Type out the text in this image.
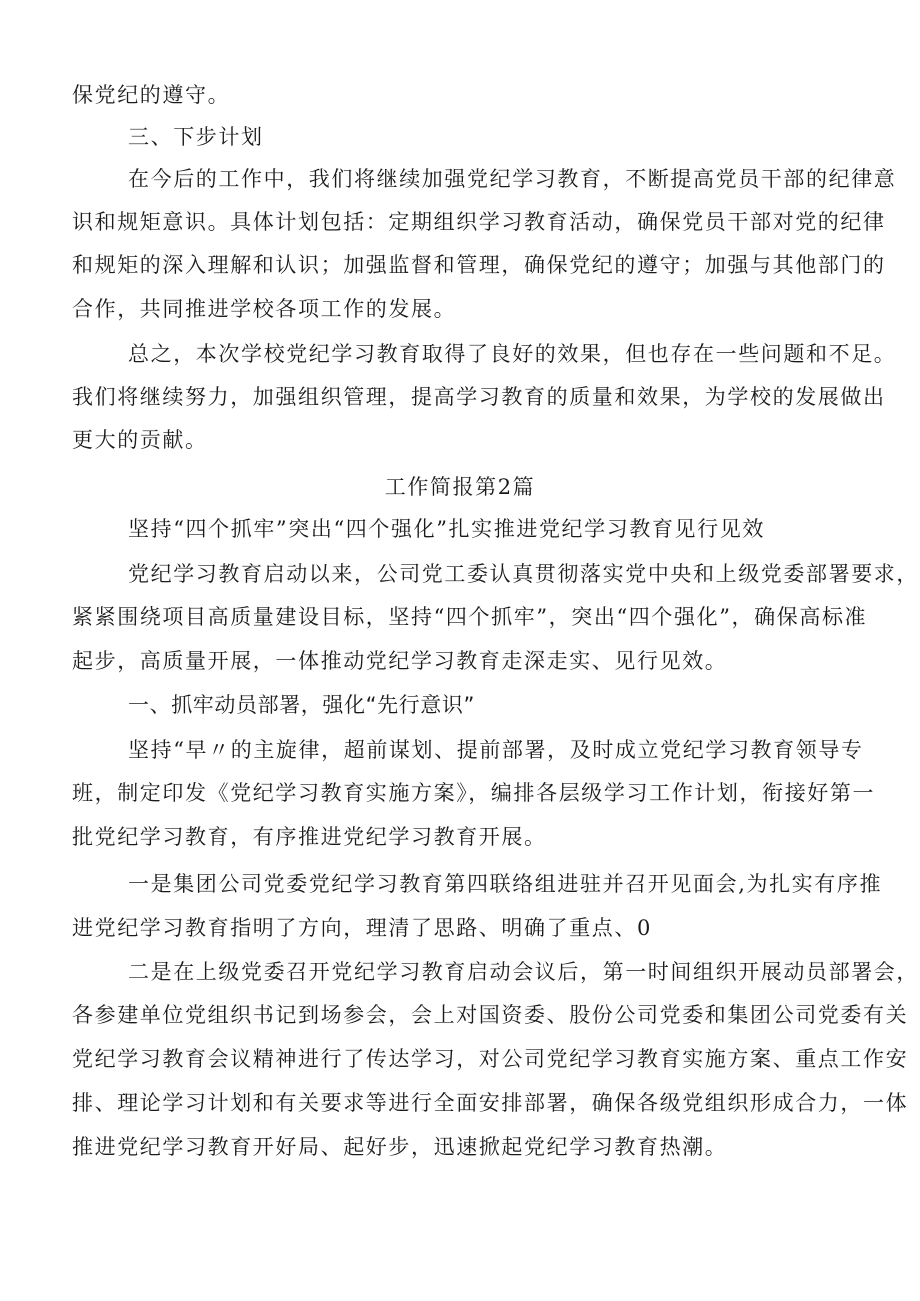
保党纪的遵守。
三、下步计划
在今后的工作中，我们将继续加强党纪学习教育，不断提高党员干部的纪律意
识和规矩意识。具体计划包括：定期组织学习教育活动，确保党员干部对党的纪律
和规矩的深入理解和认识；加强监督和管理，确保党纪的遵守；加强与其他部门的
合作，共同推进学校各项工作的发展。
总之，本次学校党纪学习教育取得了良好的效果，但也存在一些问题和不足。
我们将继续努力，加强组织管理，提高学习教育的质量和效果，为学校的发展做出
更大的贡献。
工作简报第2篇
坚持“四个抓牢”突出“四个强化”扎实推进党纪学习教育见行见效
党纪学习教育启动以来，公司党工委认真贯彻落实党中央和上级党委部署要求，
紧紧围绕项目高质量建设目标，坚持“四个抓牢”，突出“四个强化”，确保高标准
起步，高质量开展，一体推动党纪学习教育走深走实、见行见效。
一、抓牢动员部署，强化“先行意识”
坚持“早〃的主旋律，超前谋划、提前部署，及时成立党纪学习教育领导专
班，制定印发《党纪学习教育实施方案》，编排各层级学习工作计划，衔接好第一
批党纪学习教育，有序推进党纪学习教育开展。
一是集团公司党委党纪学习教育第四联络组进驻并召开见面会,为扎实有序推
进党纪学习教育指明了方向，理清了思路、明确了重点、0
二是在上级党委召开党纪学习教育启动会议后，第一时间组织开展动员部署会，
各参建单位党组织书记到场参会，会上对国资委、股份公司党委和集团公司党委有关
党纪学习教育会议精神进行了传达学习，对公司党纪学习教育实施方案、重点工作安
排、理论学习计划和有关要求等进行全面安排部署，确保各级党组织形成合力，一体
推进党纪学习教育开好局、起好步，迅速掀起党纪学习教育热潮。
